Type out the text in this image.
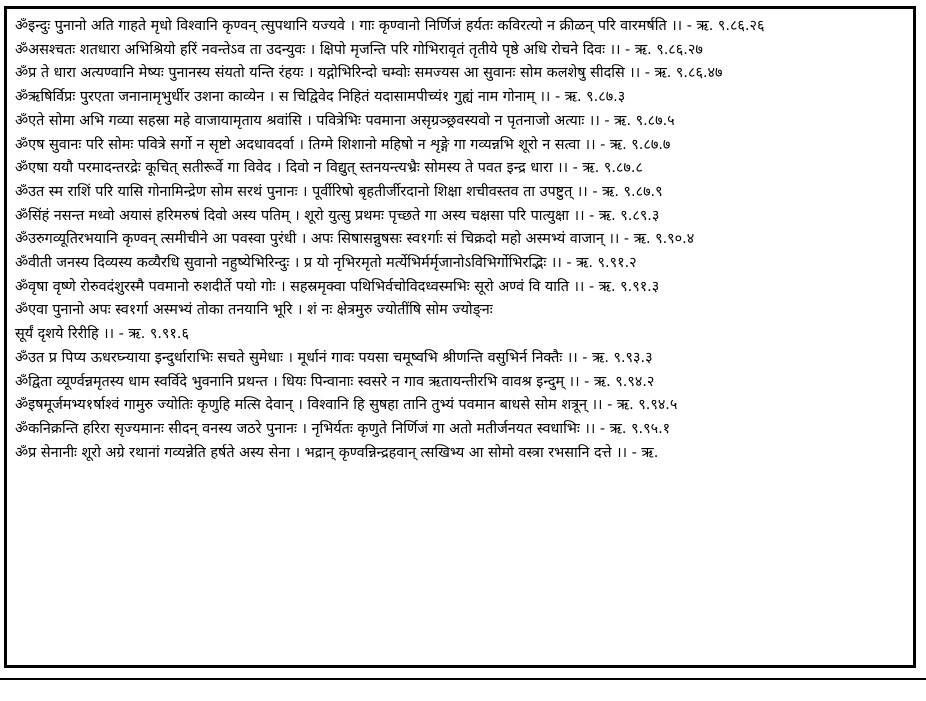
ॐइन्दुः पुनानो अति गाहते मृधो विश्वानि कृण्वन् त्सुपथानि यज्यवे । गाः कृण्वानो निर्णिजं हर्यतः कविरत्यो न क्रीळन् परि वारमर्षति ।। - ऋ. ९.८६.२६

ॐअसश्चतः शतधारा अभिश्रियो हरिं नवन्तेऽव ता उदन्युवः । क्षिपो मृजन्ति परि गोभिरावृतं तृतीये पृष्ठे अधि रोचने दिवः ।। - ऋ. ९.८६.२७

ॐप्र ते धारा अत्यण्वानि मेष्यः पुनानस्य संयतो यन्ति रंहयः । यद्गोभिरिन्दो चम्वोः समज्यस आ सुवानः सोम कलशेषु सीदसि ।। - ऋ. ९.८६.४७

ॐऋषिर्विप्रः पुरएता जनानामृभुर्धीर उशना काव्येन । स चिद्विवेद निहितं यदासामपीच्यं१ गुह्यं नाम गोनाम् ।। - ऋ. ९.८७.३

ॐएते सोमा अभि गव्या सहस्रा महे वाजायामृताय श्रवांसि । पवित्रेभिः पवमाना असृग्रञ्छ्रवस्यवो न पृतनाजो अत्याः ।। - ऋ. ९.८७.५

ॐएष सुवानः परि सोमः पवित्रे सर्गो न सृष्टो अदधावदर्वा । तिग्मे शिशानो महिषो न शृङ्गे गा गव्यन्नभि शूरो न सत्वा ।। - ऋ. ९.८७.७

ॐएषा ययौ परमादन्तरद्रेः कूचित् सतीरूर्वे गा विवेद । दिवो न विद्युत् स्तनयन्त्यभ्रैः सोमस्य ते पवत इन्द्र धारा ।। - ऋ. ९.८७.८

ॐउत स्म राशिं परि यासि गोनामिन्द्रेण सोम सरथं पुनानः । पूर्वीरिषो बृहतीर्जीरदानो शिक्षा शचीवस्तव ता उपष्टुत् ।। - ऋ. ९.८७.९

ॐसिंहं नसन्त मध्वो अयासं हरिमरुषं दिवो अस्य पतिम् । शूरो युत्सु प्रथमः पृच्छते गा अस्य चक्षसा परि पात्युक्षा ।। - ऋ. ९.८९.३

ॐउरुगव्यूतिरभयानि कृण्वन् त्समीचीने आ पवस्वा पुरंधी । अपः सिषासन्नुषसः स्व१र्गाः सं चिक्रदो महो अस्मभ्यं वाजान् ।। - ऋ. ९.९०.४

ॐवीती जनस्य दिव्यस्य कव्यैरधि सुवानो नहुष्येभिरिन्दुः । प्र यो नृभिरमृतो मर्त्येभिर्मर्मृजानोऽविभिर्गोभिरद्भिः ।। - ऋ. ९.९१.२

ॐवृषा वृष्णे रोरुवदंशुरस्मै पवमानो रुशदीर्ते पयो गोः । सहस्रमृक्वा पथिभिर्वचोविदध्वस्मभिः सूरो अण्वं वि याति ।। - ऋ. ९.९१.३

ॐएवा पुनानो अपः स्व१र्गा अस्मभ्यं तोका तनयानि भूरि । शं नः क्षेत्रमुरु ज्योतींषि सोम ज्योङ्नः
सूर्यं दृशये रिरीहि ।। - ऋ. ९.९१.६

ॐउत प्र पिप्य ऊधरघ्न्याया इन्दुर्धाराभिः सचते सुमेधाः । मूर्धानं गावः पयसा चमूष्वभि श्रीणन्ति वसुभिर्न निक्तैः ।। - ऋ. ९.९३.३

ॐद्विता व्यूर्ण्वन्नमृतस्य धाम स्वर्विदे भुवनानि प्रथन्त । धियः पिन्वानाः स्वसरे न गाव ऋतायन्तीरभि वावश्र इन्दुम् ।। - ऋ. ९.९४.२

ॐइषमूर्जमभ्य१र्षाश्वं गामुरु ज्योतिः कृणुहि मत्सि देवान् । विश्वानि हि सुषहा तानि तुभ्यं पवमान बाधसे सोम शत्रून् ।। - ऋ. ९.९४.५

ॐकनिक्रन्ति हरिरा सृज्यमानः सीदन् वनस्य जठरे पुनानः । नृभिर्यतः कृणुते निर्णिजं गा अतो मतीर्जनयत स्वधाभिः ।। - ऋ. ९.९५.१

ॐप्र सेनानीः शूरो अग्रे रथानां गव्यन्नेति हर्षते अस्य सेना । भद्रान् कृण्वन्निन्द्रहवान् त्सखिभ्य आ सोमो वस्त्रा रभसानि दत्ते ।। - ऋ.
